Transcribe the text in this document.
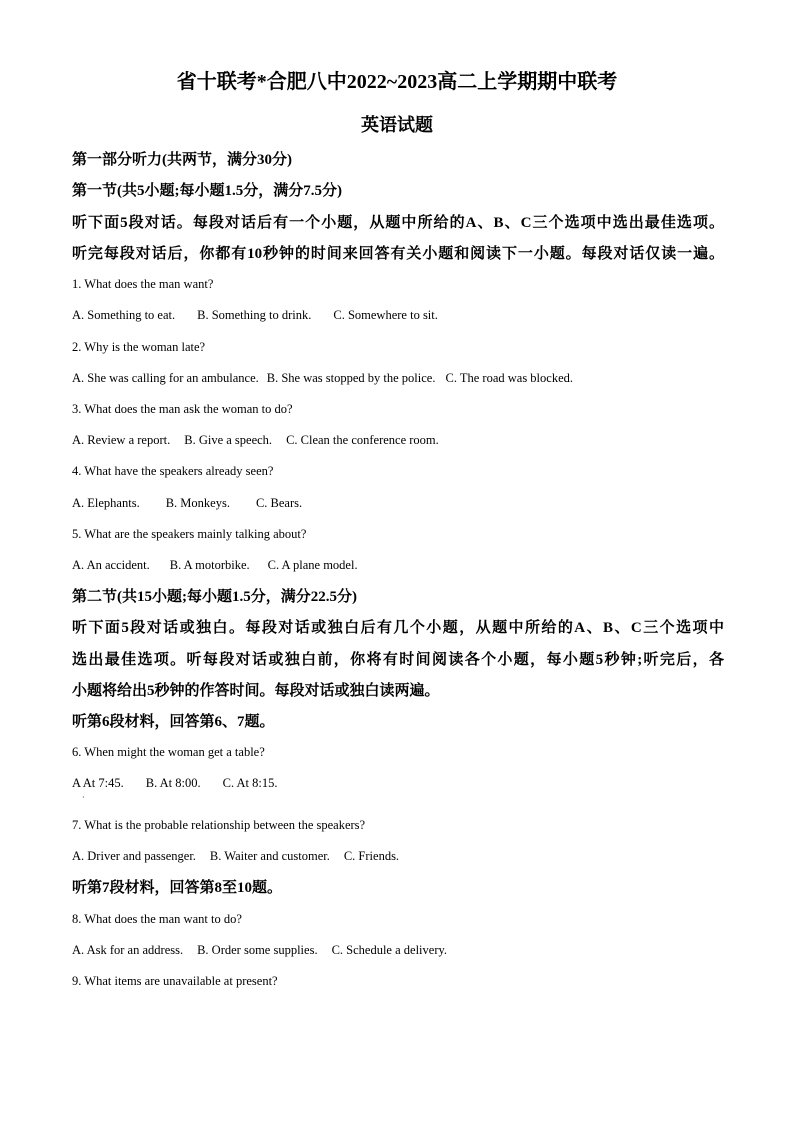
省十联考*合肥八中2022~2023高二上学期期中联考
英语试题
第一部分听力(共两节，满分30分)
第一节(共5小题;每小题1.5分，满分7.5分)
听下面5段对话。每段对话后有一个小题，从题中所给的A、B、C三个选项中选出最佳选项。
听完每段对话后，你都有10秒钟的时间来回答有关小题和阅读下一小题。每段对话仅读一遍。
1. What does the man want?
A. Something to eat. B. Something to drink. C. Somewhere to sit.
2. Why is the woman late?
A. She was calling for an ambulance. B. She was stopped by the police. C. The road was blocked.
3. What does the man ask the woman to do?
A. Review a report. B. Give a speech. C. Clean the conference room.
4. What have the speakers already seen?
A. Elephants. B. Monkeys. C. Bears.
5. What are the speakers mainly talking about?
A. An accident. B. A motorbike. C. A plane model.
第二节(共15小题;每小题1.5分，满分22.5分)
听下面5段对话或独白。每段对话或独白后有几个小题，从题中所给的A、B、C三个选项中
选出最佳选项。听每段对话或独白前，你将有时间阅读各个小题，每小题5秒钟;听完后，各
小题将给出5秒钟的作答时间。每段对话或独白读两遍。
听第6段材料，回答第6、7题。
6. When might the woman get a table?
A At 7:45. B. At 8:00. C. At 8:15.
·
7. What is the probable relationship between the speakers?
A. Driver and passenger. B. Waiter and customer. C. Friends.
听第7段材料，回答第8至10题。
8. What does the man want to do?
A. Ask for an address. B. Order some supplies. C. Schedule a delivery.
9. What items are unavailable at present?
